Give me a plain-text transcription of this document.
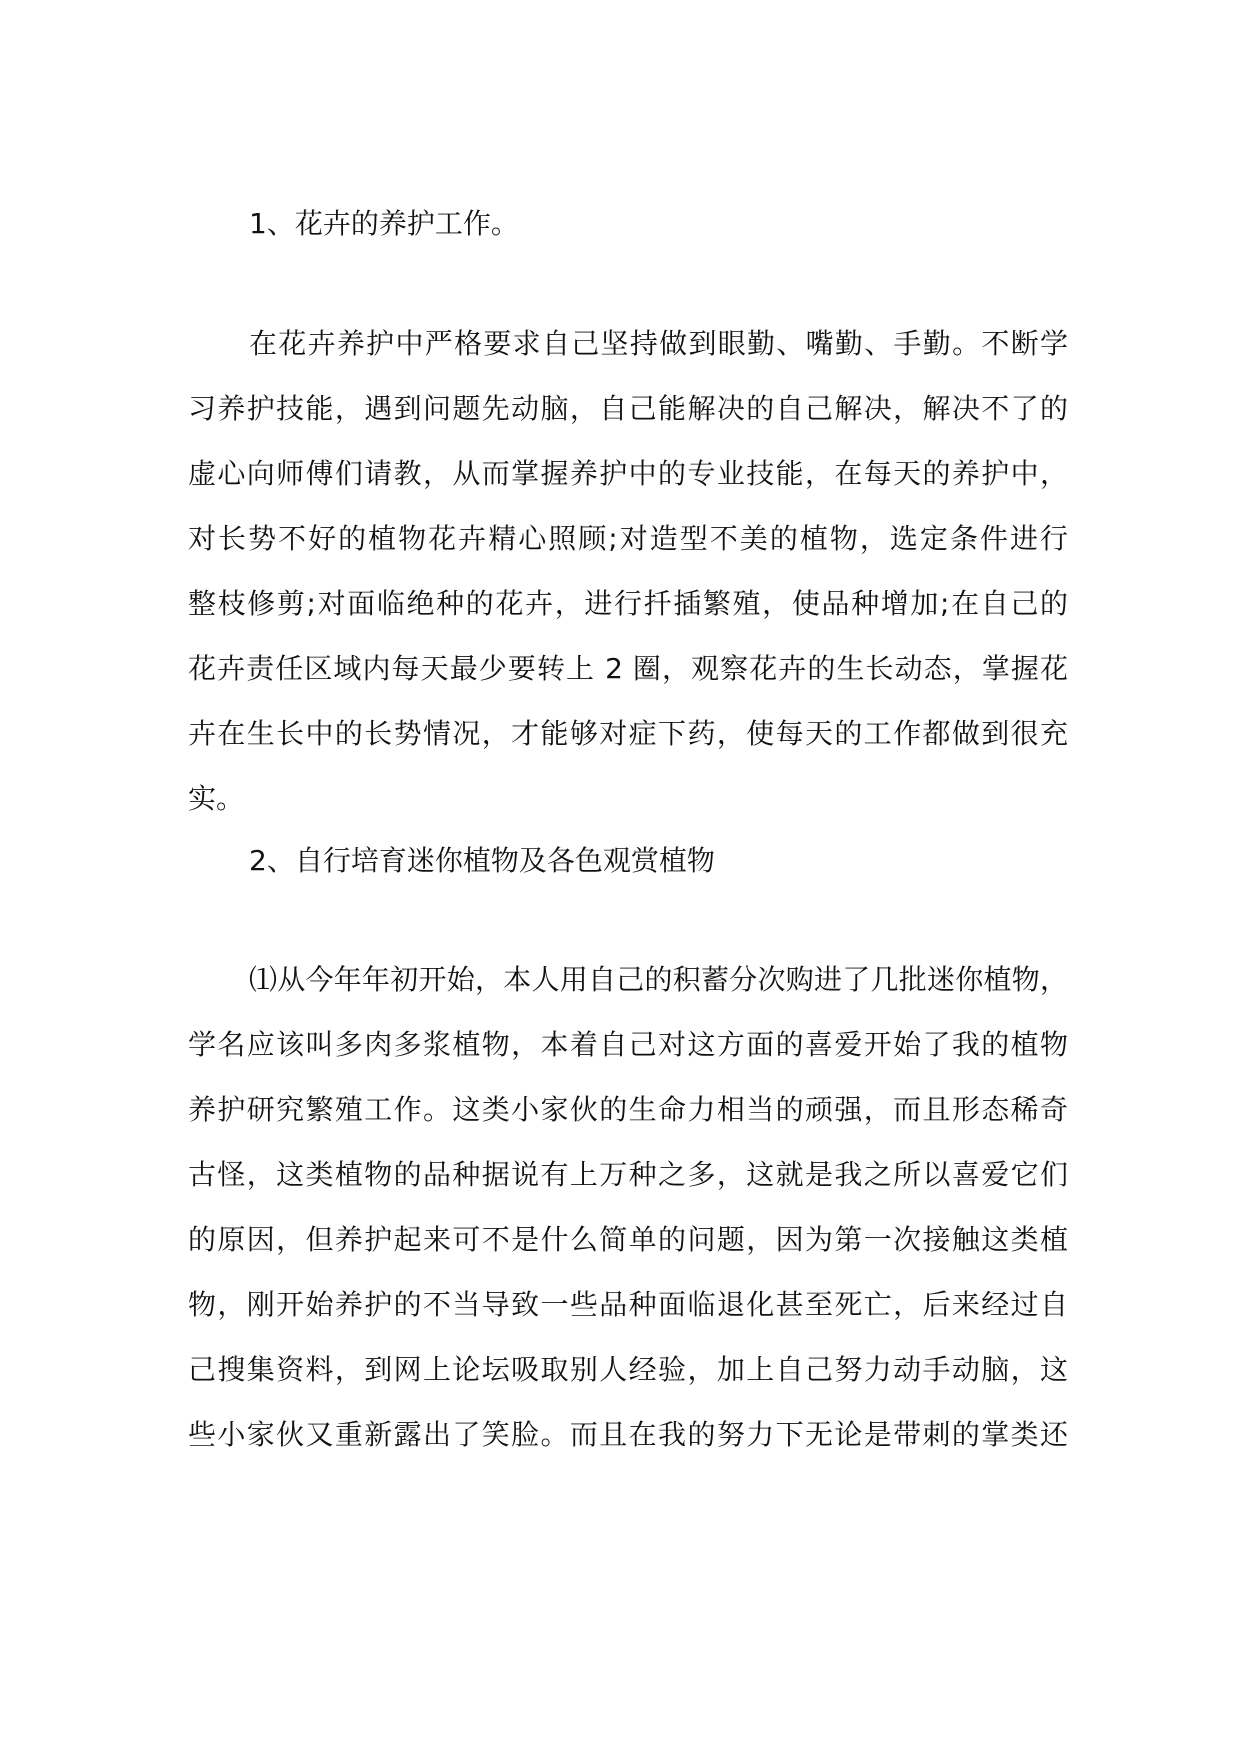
1、花卉的养护工作。
在花卉养护中严格要求自己坚持做到眼勤、嘴勤、手勤。不断学
习养护技能，遇到问题先动脑，自己能解决的自己解决，解决不了的
虚心向师傅们请教，从而掌握养护中的专业技能，在每天的养护中，
对长势不好的植物花卉精心照顾;对造型不美的植物，选定条件进行
整枝修剪;对面临绝种的花卉，进行扦插繁殖，使品种增加;在自己的
花卉责任区域内每天最少要转上 2 圈，观察花卉的生长动态，掌握花
卉在生长中的长势情况，才能够对症下药，使每天的工作都做到很充
实。
2、自行培育迷你植物及各色观赏植物
⑴从今年年初开始，本人用自己的积蓄分次购进了几批迷你植物，
学名应该叫多肉多浆植物，本着自己对这方面的喜爱开始了我的植物
养护研究繁殖工作。这类小家伙的生命力相当的顽强，而且形态稀奇
古怪，这类植物的品种据说有上万种之多，这就是我之所以喜爱它们
的原因，但养护起来可不是什么简单的问题，因为第一次接触这类植
物，刚开始养护的不当导致一些品种面临退化甚至死亡，后来经过自
己搜集资料，到网上论坛吸取别人经验，加上自己努力动手动脑，这
些小家伙又重新露出了笑脸。而且在我的努力下无论是带刺的掌类还
